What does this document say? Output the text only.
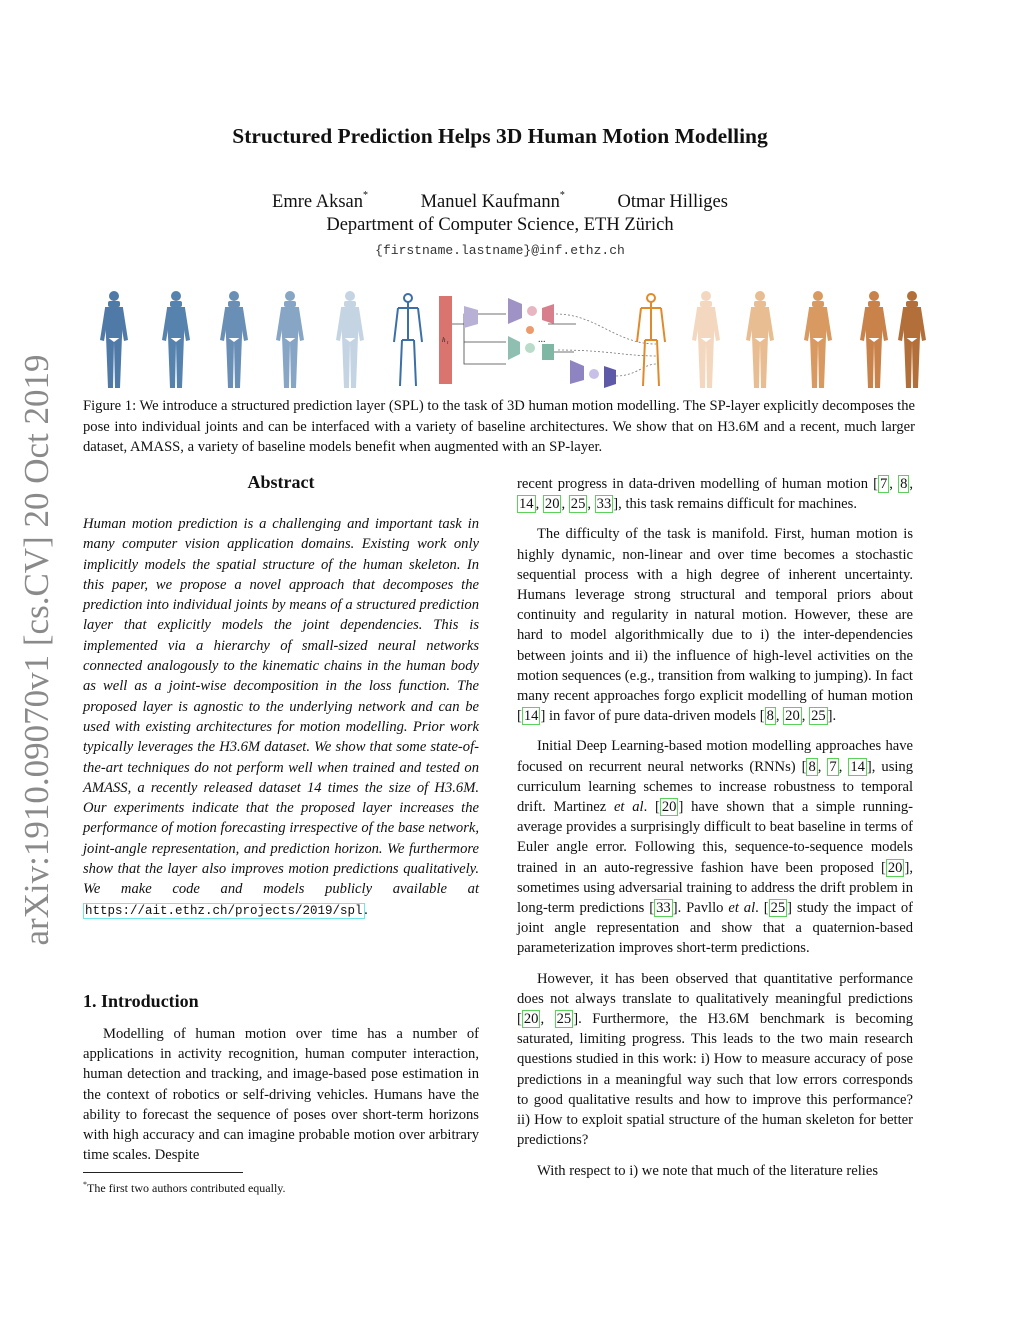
arXiv:1910.09070v1 [cs.CV] 20 Oct 2019
Structured Prediction Helps 3D Human Motion Modelling
Emre Aksan*	Manuel Kaufmann*	Otmar Hilliges
Department of Computer Science, ETH Zürich
{firstname.lastname}@inf.ethz.ch
h t	...
Figure 1: We introduce a structured prediction layer (SPL) to the task of 3D human motion modelling. The SP-layer explicitly decomposes the pose into individual joints and can be interfaced with a variety of baseline architectures. We show that on H3.6M and a recent, much larger dataset, AMASS, a variety of baseline models benefit when augmented with an SP-layer.
Abstract
Human motion prediction is a challenging and important task in many computer vision application domains. Existing work only implicitly models the spatial structure of the human skeleton. In this paper, we propose a novel approach that decomposes the prediction into individual joints by means of a structured prediction layer that explicitly models the joint dependencies. This is implemented via a hierarchy of small-sized neural networks connected analogously to the kinematic chains in the human body as well as a joint-wise decomposition in the loss function. The proposed layer is agnostic to the underlying network and can be used with existing architectures for motion modelling. Prior work typically leverages the H3.6M dataset. We show that some state-of-the-art techniques do not perform well when trained and tested on AMASS, a recently released dataset 14 times the size of H3.6M. Our experiments indicate that the proposed layer increases the performance of motion forecasting irrespective of the base network, joint-angle representation, and prediction horizon. We furthermore show that the layer also improves motion predictions qualitatively. We make code and models publicly available at https://ait.ethz.ch/projects/2019/spl .
1. Introduction

Modelling of human motion over time has a number of applications in activity recognition, human computer interaction, human detection and tracking, and image-based pose estimation in the context of robotics or self-driving vehicles. Humans have the ability to forecast the sequence of poses over short-term horizons with high accuracy and can imagine probable motion over arbitrary time scales. Despite

*The first two authors contributed equally.

recent progress in data-driven modelling of human motion [ 7 , 8 , 14 , 20 , 25 , 33 ], this task remains difficult for machines.

The difficulty of the task is manifold. First, human motion is highly dynamic, non-linear and over time becomes a stochastic sequential process with a high degree of inherent uncertainty. Humans leverage strong structural and temporal priors about continuity and regularity in natural motion. However, these are hard to model algorithmically due to i) the inter-dependencies between joints and ii) the influence of high-level activities on the motion sequences (e.g., transition from walking to jumping). In fact many recent approaches forgo explicit modelling of human motion [ 14 ] in favor of pure data-driven models [ 8 , 20 , 25 ].

Initial Deep Learning-based motion modelling approaches have focused on recurrent neural networks (RNNs) [ 8 , 7 , 14 ], using curriculum learning schemes to increase robustness to temporal drift. Martinez et al. [ 20 ] have shown that a simple running-average provides a surprisingly difficult to beat baseline in terms of Euler angle error. Following this, sequence-to-sequence models trained in an auto-regressive fashion have been proposed [ 20 ], sometimes using adversarial training to address the drift problem in long-term predictions [ 33 ]. Pavllo et al. [ 25 ] study the impact of joint angle representation and show that a quaternion-based parameterization improves short-term predictions.

However, it has been observed that quantitative performance does not always translate to qualitatively meaningful predictions [ 20 , 25 ]. Furthermore, the H3.6M benchmark is becoming saturated, limiting progress. This leads to the two main research questions studied in this work: i) How to measure accuracy of pose predictions in a meaningful way such that low errors corresponds to good qualitative results and how to improve this performance? ii) How to exploit spatial structure of the human skeleton for better predictions?

With respect to i) we note that much of the literature relies
